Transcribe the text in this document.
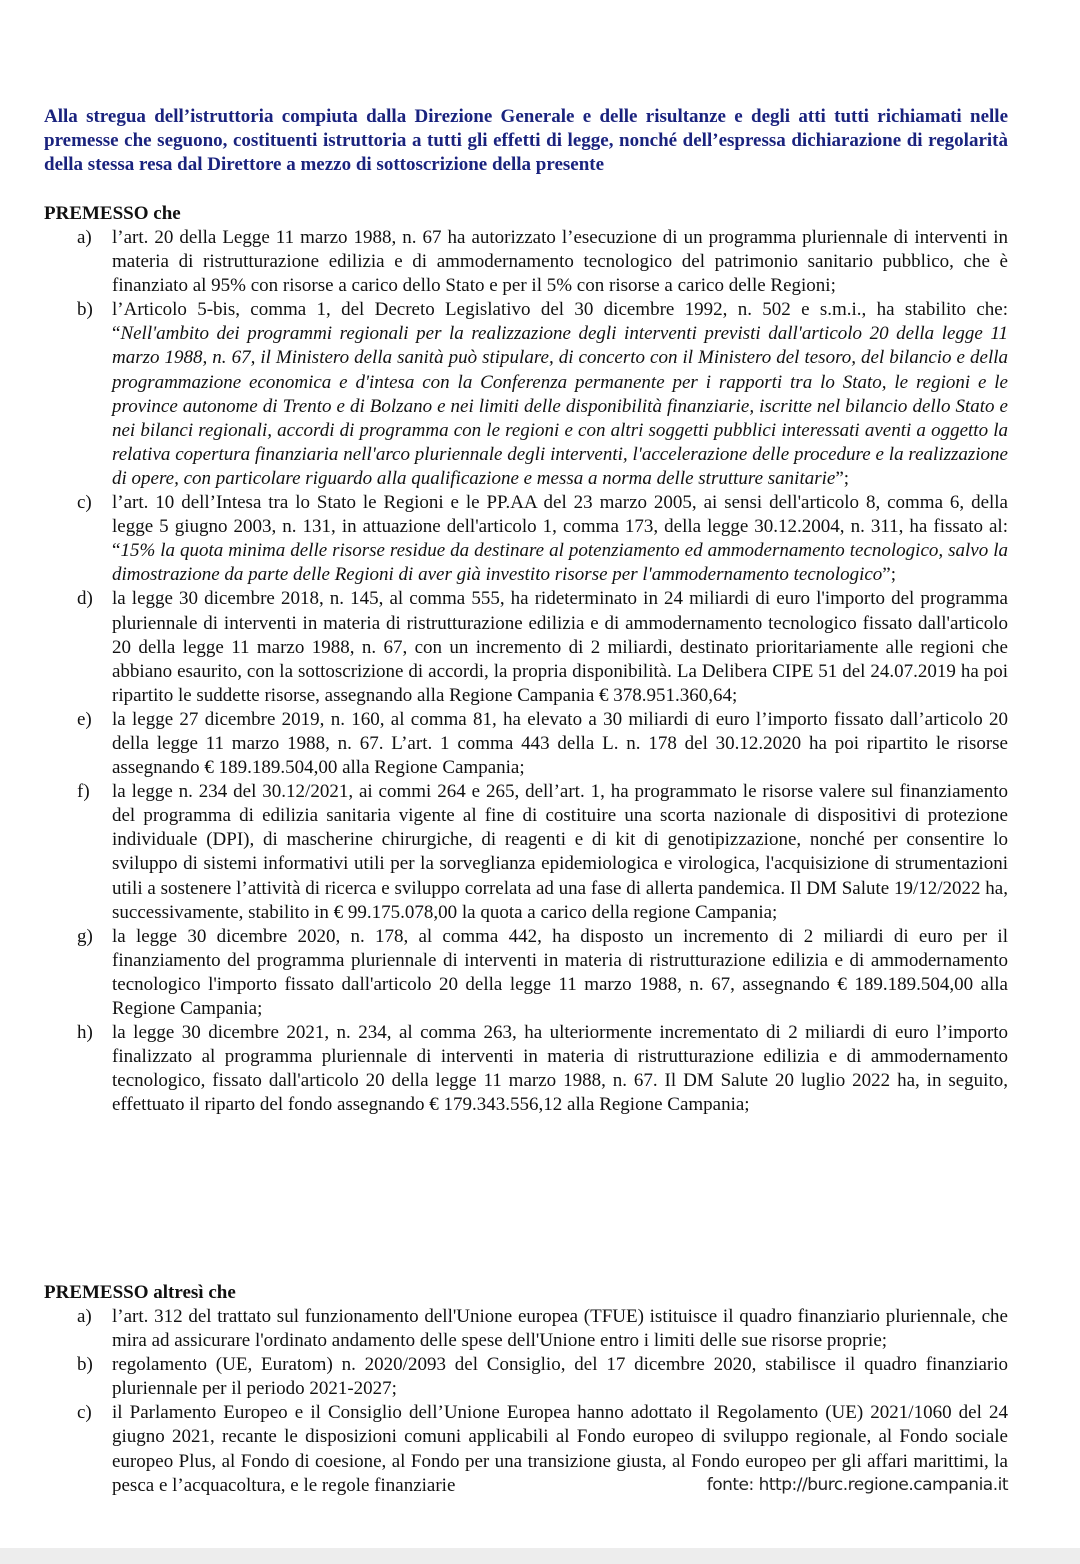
Alla stregua dell’istruttoria compiuta dalla Direzione Generale e delle risultanze e degli atti tutti richiamati nelle premesse che seguono, costituenti istruttoria a tutti gli effetti di legge, nonché dell’espressa dichiarazione di regolarità della stessa resa dal Direttore a mezzo di sottoscrizione della presente

PREMESSO che

a) l’art. 20 della Legge 11 marzo 1988, n. 67 ha autorizzato l’esecuzione di un programma pluriennale di interventi in materia di ristrutturazione edilizia e di ammodernamento tecnologico del patrimonio sanitario pubblico, che è finanziato al 95% con risorse a carico dello Stato e per il 5% con risorse a carico delle Regioni;
b) l’Articolo 5-bis, comma 1, del Decreto Legislativo del 30 dicembre 1992, n. 502 e s.m.i., ha stabilito che: “Nell'ambito dei programmi regionali per la realizzazione degli interventi previsti dall'articolo 20 della legge 11 marzo 1988, n. 67, il Ministero della sanità può stipulare, di concerto con il Ministero del tesoro, del bilancio e della programmazione economica e d'intesa con la Conferenza permanente per i rapporti tra lo Stato, le regioni e le province autonome di Trento e di Bolzano e nei limiti delle disponibilità finanziarie, iscritte nel bilancio dello Stato e nei bilanci regionali, accordi di programma con le regioni e con altri soggetti pubblici interessati aventi a oggetto la relativa copertura finanziaria nell'arco pluriennale degli interventi, l'accelerazione delle procedure e la realizzazione di opere, con particolare riguardo alla qualificazione e messa a norma delle strutture sanitarie”;
c) l’art. 10 dell’Intesa tra lo Stato le Regioni e le PP.AA del 23 marzo 2005, ai sensi dell'articolo 8, comma 6, della legge 5 giugno 2003, n. 131, in attuazione dell'articolo 1, comma 173, della legge 30.12.2004, n. 311, ha fissato al: “15% la quota minima delle risorse residue da destinare al potenziamento ed ammodernamento tecnologico, salvo la dimostrazione da parte delle Regioni di aver già investito risorse per l'ammodernamento tecnologico”;
d) la legge 30 dicembre 2018, n. 145, al comma 555, ha rideterminato in 24 miliardi di euro l'importo del programma pluriennale di interventi in materia di ristrutturazione edilizia e di ammodernamento tecnologico fissato dall'articolo 20 della legge 11 marzo 1988, n. 67, con un incremento di 2 miliardi, destinato prioritariamente alle regioni che abbiano esaurito, con la sottoscrizione di accordi, la propria disponibilità. La Delibera CIPE 51 del 24.07.2019 ha poi ripartito le suddette risorse, assegnando alla Regione Campania € 378.951.360,64;
e) la legge 27 dicembre 2019, n. 160, al comma 81, ha elevato a 30 miliardi di euro l’importo fissato dall’articolo 20 della legge 11 marzo 1988, n. 67. L’art. 1 comma 443 della L. n. 178 del 30.12.2020 ha poi ripartito le risorse assegnando € 189.189.504,00 alla Regione Campania;
f) la legge n. 234 del 30.12/2021, ai commi 264 e 265, dell’art. 1, ha programmato le risorse valere sul finanziamento del programma di edilizia sanitaria vigente al fine di costituire una scorta nazionale di dispositivi di protezione individuale (DPI), di mascherine chirurgiche, di reagenti e di kit di genotipizzazione, nonché per consentire lo sviluppo di sistemi informativi utili per la sorveglianza epidemiologica e virologica, l'acquisizione di strumentazioni utili a sostenere l’attività di ricerca e sviluppo correlata ad una fase di allerta pandemica. Il DM Salute 19/12/2022 ha, successivamente, stabilito in € 99.175.078,00 la quota a carico della regione Campania;
g) la legge 30 dicembre 2020, n. 178, al comma 442, ha disposto un incremento di 2 miliardi di euro per il finanziamento del programma pluriennale di interventi in materia di ristrutturazione edilizia e di ammodernamento tecnologico l'importo fissato dall'articolo 20 della legge 11 marzo 1988, n. 67, assegnando € 189.189.504,00 alla Regione Campania;
h) la legge 30 dicembre 2021, n. 234, al comma 263, ha ulteriormente incrementato di 2 miliardi di euro l’importo finalizzato al programma pluriennale di interventi in materia di ristrutturazione edilizia e di ammodernamento tecnologico, fissato dall'articolo 20 della legge 11 marzo 1988, n. 67. Il DM Salute 20 luglio 2022 ha, in seguito, effettuato il riparto del fondo assegnando € 179.343.556,12 alla Regione Campania;

PREMESSO altresì che

a) l’art. 312 del trattato sul funzionamento dell'Unione europea (TFUE) istituisce il quadro finanziario pluriennale, che mira ad assicurare l'ordinato andamento delle spese dell'Unione entro i limiti delle sue risorse proprie;
b) regolamento (UE, Euratom) n. 2020/2093 del Consiglio, del 17 dicembre 2020, stabilisce il quadro finanziario pluriennale per il periodo 2021-2027;
c) il Parlamento Europeo e il Consiglio dell’Unione Europea hanno adottato il Regolamento (UE) 2021/1060 del 24 giugno 2021, recante le disposizioni comuni applicabili al Fondo europeo di sviluppo regionale, al Fondo sociale europeo Plus, al Fondo di coesione, al Fondo per una transizione giusta, al Fondo europeo per gli affari marittimi, la pesca e l’acquacoltura, e le regole finanziarie	fonte: http://burc.regione.campania.it
